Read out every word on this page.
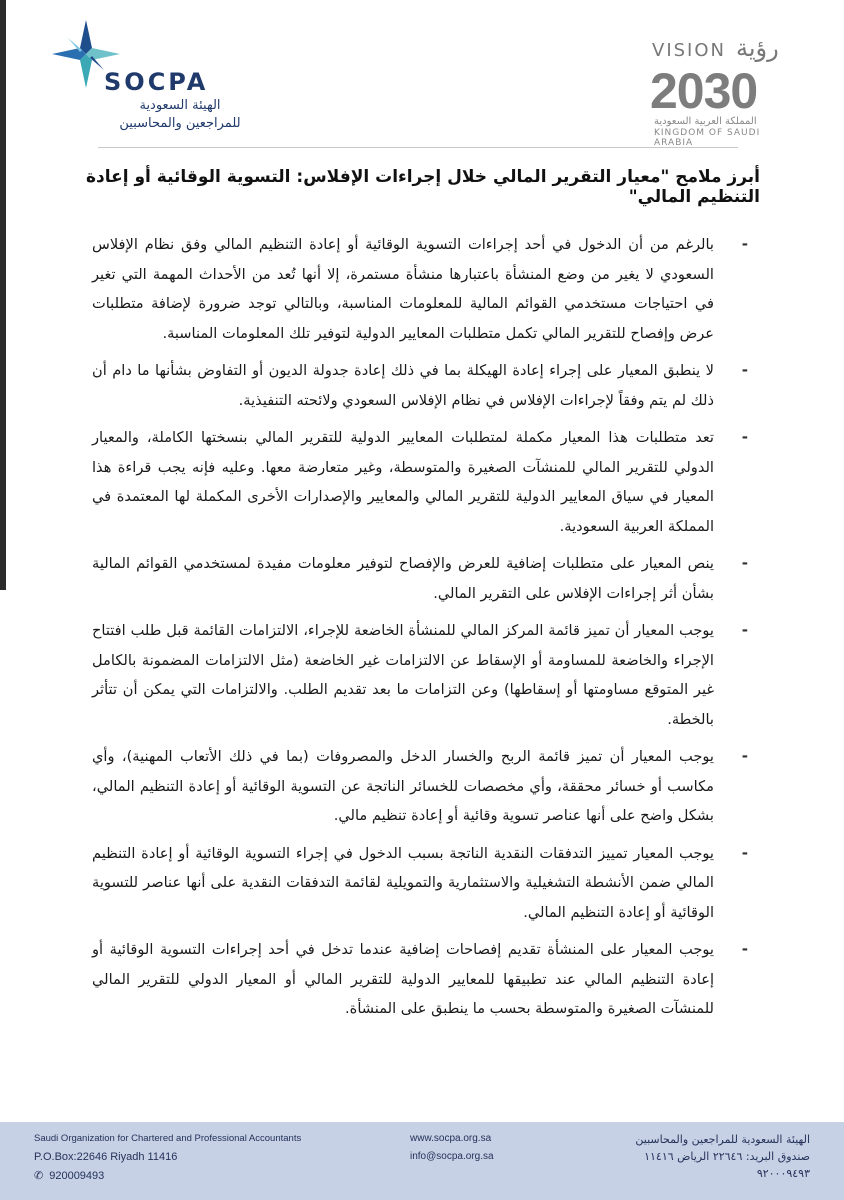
SOCPA
الهيئة السعودية
للمراجعين والمحاسبين
VISION رؤية
2030
المملكة العربية السعودية
KINGDOM OF SAUDI ARABIA
أبرز ملامح "معيار التقرير المالي خلال إجراءات الإفلاس: التسوية الوقائية أو إعادة التنظيم المالي"
-
بالرغم من أن الدخول في أحد إجراءات التسوية الوقائية أو إعادة التنظيم المالي وفق نظام الإفلاس السعودي لا يغير من وضع المنشأة باعتبارها منشأة مستمرة، إلا أنها تُعد من الأحداث المهمة التي تغير في احتياجات مستخدمي القوائم المالية للمعلومات المناسبة، وبالتالي توجد ضرورة لإضافة متطلبات عرض وإفصاح للتقرير المالي تكمل متطلبات المعايير الدولية لتوفير تلك المعلومات المناسبة.
-
لا ينطبق المعيار على إجراء إعادة الهيكلة بما في ذلك إعادة جدولة الديون أو التفاوض بشأنها ما دام أن ذلك لم يتم وفقاً لإجراءات الإفلاس في نظام الإفلاس السعودي ولائحته التنفيذية.
-
تعد متطلبات هذا المعيار مكملة لمتطلبات المعايير الدولية للتقرير المالي بنسختها الكاملة، والمعيار الدولي للتقرير المالي للمنشآت الصغيرة والمتوسطة، وغير متعارضة معها. وعليه فإنه يجب قراءة هذا المعيار في سياق المعايير الدولية للتقرير المالي والمعايير والإصدارات الأخرى المكملة لها المعتمدة في المملكة العربية السعودية.
-
ينص المعيار على متطلبات إضافية للعرض والإفصاح لتوفير معلومات مفيدة لمستخدمي القوائم المالية بشأن أثر إجراءات الإفلاس على التقرير المالي.
-
يوجب المعيار أن تميز قائمة المركز المالي للمنشأة الخاضعة للإجراء، الالتزامات القائمة قبل طلب افتتاح الإجراء والخاضعة للمساومة أو الإسقاط عن الالتزامات غير الخاضعة (مثل الالتزامات المضمونة بالكامل غير المتوقع مساومتها أو إسقاطها) وعن التزامات ما بعد تقديم الطلب. والالتزامات التي يمكن أن تتأثر بالخطة.
-
يوجب المعيار أن تميز قائمة الربح والخسار الدخل والمصروفات (بما في ذلك الأتعاب المهنية)، وأي مكاسب أو خسائر محققة، وأي مخصصات للخسائر الناتجة عن التسوية الوقائية أو إعادة التنظيم المالي، بشكل واضح على أنها عناصر تسوية وقائية أو إعادة تنظيم مالي.
-
يوجب المعيار تمييز التدفقات النقدية الناتجة بسبب الدخول في إجراء التسوية الوقائية أو إعادة التنظيم المالي ضمن الأنشطة التشغيلية والاستثمارية والتمويلية لقائمة التدفقات النقدية على أنها عناصر للتسوية الوقائية أو إعادة التنظيم المالي.
-
يوجب المعيار على المنشأة تقديم إفصاحات إضافية عندما تدخل في أحد إجراءات التسوية الوقائية أو إعادة التنظيم المالي عند تطبيقها للمعايير الدولية للتقرير المالي أو المعيار الدولي للتقرير المالي للمنشآت الصغيرة والمتوسطة بحسب ما ينطبق على المنشأة.
Saudi Organization for Chartered and Professional Accountants
P.O.Box:22646 Riyadh 11416
✆ 920009493
www.socpa.org.sa
info@socpa.org.sa
الهيئة السعودية للمراجعين والمحاسبين
صندوق البريد: ٢٢٦٤٦ الرياض ١١٤١٦
٩٢٠٠٠٩٤٩٣
